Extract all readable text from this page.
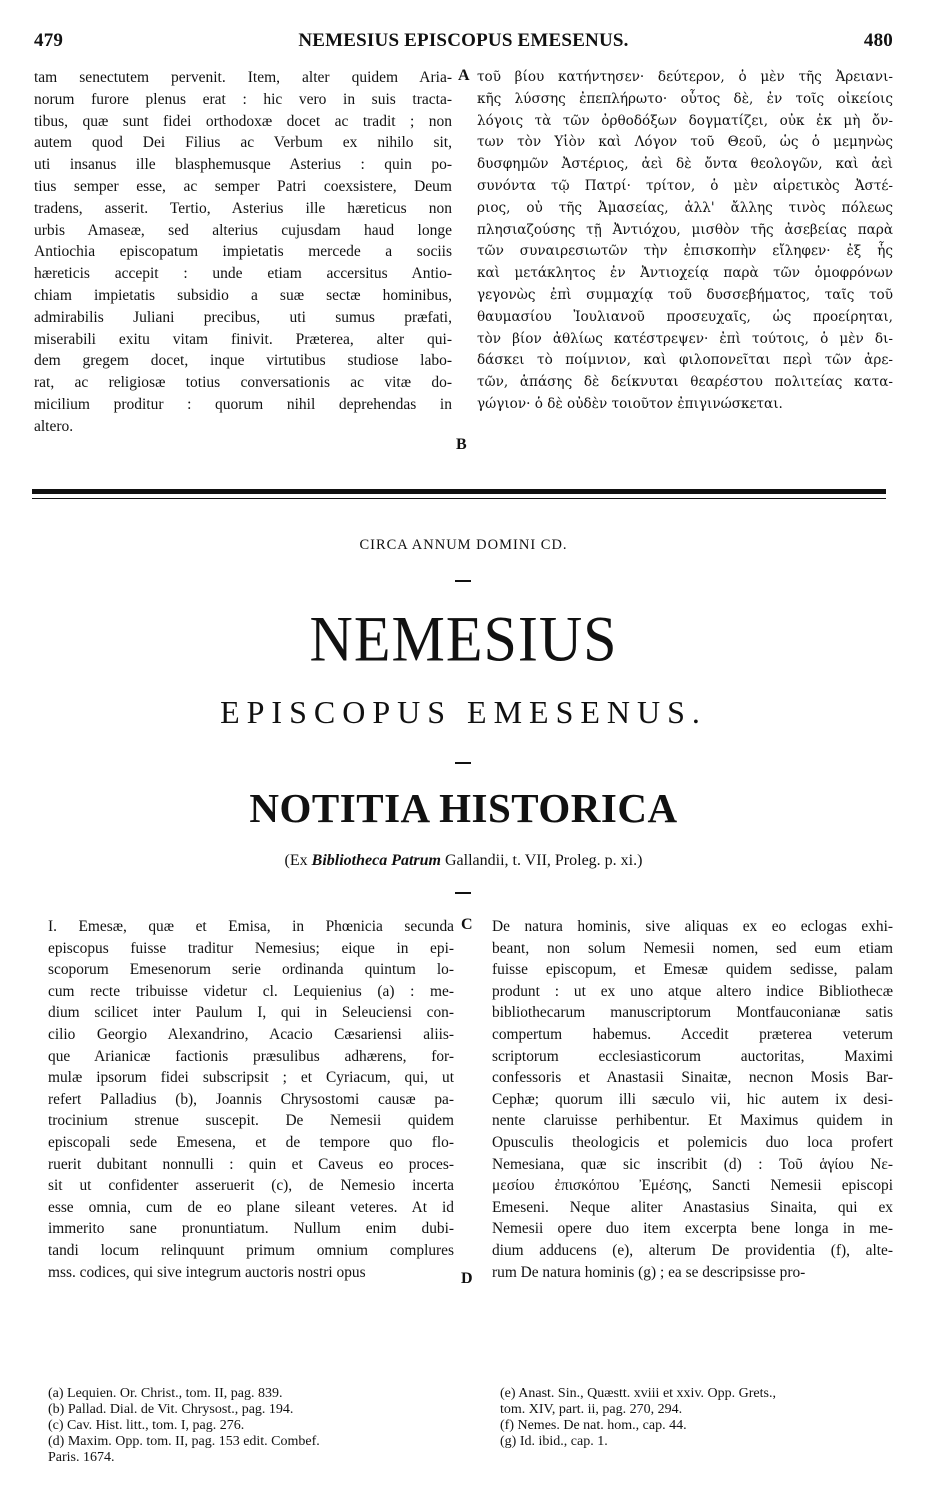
479	NEMESIUS EPISCOPUS EMESENUS.	480

tam senectutem pervenit. Item, alter quidem Aria-

norum furore plenus erat : hic vero in suis tracta-

tibus, quæ sunt fidei orthodoxæ docet ac tradit ; non

autem quod Dei Filius ac Verbum ex nihilo sit,

uti insanus ille blasphemusque Asterius : quin po-

tius semper esse, ac semper Patri coexsistere, Deum

tradens, asserit. Tertio, Asterius ille hæreticus non

urbis Amaseæ, sed alterius cujusdam haud longe

Antiochia episcopatum impietatis mercede a sociis

hæreticis accepit : unde etiam accersitus Antio-

chiam impietatis subsidio a suæ sectæ hominibus,

admirabilis Juliani precibus, uti sumus præfati,

miserabili exitu vitam finivit. Præterea, alter qui-

dem gregem docet, inque virtutibus studiose labo-

rat, ac religiosæ totius conversationis ac vitæ do-

micilium proditur : quorum nihil deprehendas in

altero.

τοῦ βίου κατήντησεν· δεύτερον, ὁ μὲν τῆς Ἀρειανι-

κῆς λύσσης ἐπεπλήρωτο· οὗτος δὲ, ἐν τοῖς οἰκείοις

λόγοις τὰ τῶν ὀρθοδόξων δογματίζει, οὐκ ἐκ μὴ ὄν-

των τὸν Υἱὸν καὶ Λόγον τοῦ Θεοῦ, ὡς ὁ μεμηνὼς

δυσφημῶν Ἀστέριος, ἀεὶ δὲ ὄντα θεολογῶν, καὶ ἀεὶ

συνόντα τῷ Πατρί· τρίτον, ὁ μὲν αἱρετικὸς Ἀστέ-

ριος, οὐ τῆς Ἀμασείας, ἀλλ' ἄλλης τινὸς πόλεως

πλησιαζούσης τῇ Ἀντιόχου, μισθὸν τῆς ἀσεβείας παρὰ

τῶν συναιρεσιωτῶν τὴν ἐπισκοπὴν εἴληφεν· ἐξ ἧς

καὶ μετάκλητος ἐν Ἀντιοχείᾳ παρὰ τῶν ὁμοφρόνων

γεγονὼς ἐπὶ συμμαχίᾳ τοῦ δυσσεβήματος, ταῖς τοῦ

θαυμασίου Ἰουλιανοῦ προσευχαῖς, ὡς προείρηται,

τὸν βίον ἀθλίως κατέστρεψεν· ἐπὶ τούτοις, ὁ μὲν δι-

δάσκει τὸ ποίμνιον, καὶ φιλοπονεῖται περὶ τῶν ἀρε-

τῶν, ἁπάσης δὲ δείκνυται θεαρέστου πολιτείας κατα-

γώγιον· ὁ δὲ οὐδὲν τοιοῦτον ἐπιγινώσκεται.

A
B
CIRCA ANNUM DOMINI CD.
NEMESIUS
EPISCOPUS EMESENUS.
NOTITIA HISTORICA
(Ex Bibliotheca Patrum Gallandii, t. VII, Proleg. p. xi.)

I. Emesæ, quæ et Emisa, in Phœnicia secunda

episcopus fuisse traditur Nemesius; eique in epi-

scoporum Emesenorum serie ordinanda quintum lo-

cum recte tribuisse videtur cl. Lequienius (a) : me-

dium scilicet inter Paulum I, qui in Seleuciensi con-

cilio Georgio Alexandrino, Acacio Cæsariensi aliis-

que Arianicæ factionis præsulibus adhærens, for-

mulæ ipsorum fidei subscripsit ; et Cyriacum, qui, ut

refert Palladius (b), Joannis Chrysostomi causæ pa-

trocinium strenue suscepit. De Nemesii quidem

episcopali sede Emesena, et de tempore quo flo-

ruerit dubitant nonnulli : quin et Caveus eo proces-

sit ut confidenter asseruerit (c), de Nemesio incerta

esse omnia, cum de eo plane sileant veteres. At id

immerito sane pronuntiatum. Nullum enim dubi-

tandi locum relinquunt primum omnium complures

mss. codices, qui sive integrum auctoris nostri opus

De natura hominis, sive aliquas ex eo eclogas exhi-

beant, non solum Nemesii nomen, sed eum etiam

fuisse episcopum, et Emesæ quidem sedisse, palam

produnt : ut ex uno atque altero indice Bibliothecæ

bibliothecarum manuscriptorum Montfauconianæ satis

compertum habemus. Accedit præterea veterum

scriptorum ecclesiasticorum auctoritas, Maximi

confessoris et Anastasii Sinaitæ, necnon Mosis Bar-

Cephæ; quorum illi sæculo vii, hic autem ix desi-

nente claruisse perhibentur. Et Maximus quidem in

Opusculis theologicis et polemicis duo loca profert

Nemesiana, quæ sic inscribit (d) : Τοῦ ἁγίου Νε-

μεσίου ἐπισκόπου Ἐμέσης, Sancti Nemesii episcopi

Emeseni. Neque aliter Anastasius Sinaita, qui ex

Nemesii opere duo item excerpta bene longa in me-

dium adducens (e), alterum De providentia (f), alte-

rum De natura hominis (g) ; ea se descripsisse pro-

C
D
(a) Lequien. Or. Christ., tom. II, pag. 839.
(b) Pallad. Dial. de Vit. Chrysost., pag. 194.
(c) Cav. Hist. litt., tom. I, pag. 276.
(d) Maxim. Opp. tom. II, pag. 153 edit. Combef.
Paris. 1674.
(e) Anast. Sin., Quæstt. xviii et xxiv. Opp. Grets.,
tom. XIV, part. ii, pag. 270, 294.
(f) Nemes. De nat. hom., cap. 44.
(g) Id. ibid., cap. 1.
